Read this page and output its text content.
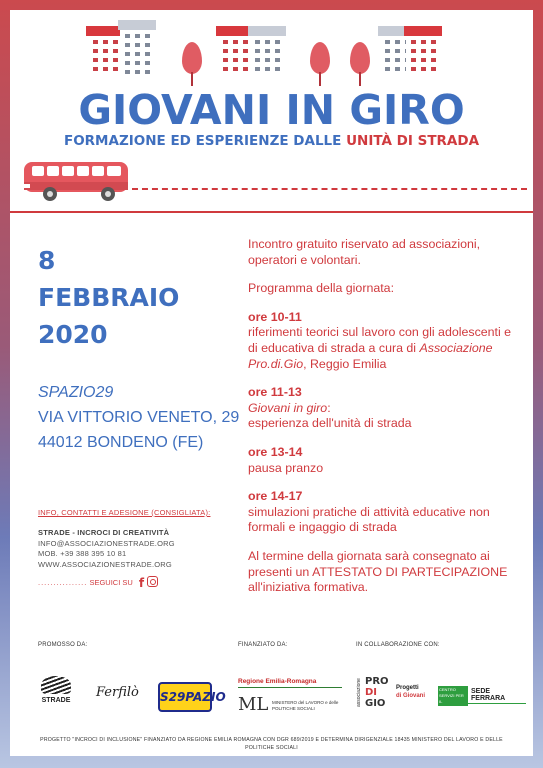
GIOVANI IN GIRO
FORMAZIONE ED ESPERIENZE DALLE UNITÀ DI STRADA
8
FEBBRAIO
2020
SPAZIO29
VIA VITTORIO VENETO, 29
44012 BONDENO (FE)
INFO, CONTATTI E ADESIONE (CONSIGLIATA):
STRADE - INCROCI DI CREATIVITÀ
INFO@ASSOCIAZIONESTRADE.ORG
MOB. +39 388 395 10 81
WWW.ASSOCIAZIONESTRADE.ORG
................ SEGUICI SU f

Incontro gratuito riservato ad associazioni, operatori e volontari.

Programma della giornata:

ore 10-11
riferimenti teorici sul lavoro con gli adolescenti e di educativa di strada a cura di Associazione Pro.di.Gio, Reggio Emilia

ore 11-13
Giovani in giro:
esperienza dell'unità di strada

ore 13-14
pausa pranzo

ore 14-17
simulazioni pratiche di attività educative non formali e ingaggio di strada

Al termine della giornata sarà consegnato ai presenti un ATTESTATO DI PARTECIPAZIONE all'iniziativa formativa.

PROMOSSO DA:	FINANZIATO DA:	IN COLLABORAZIONE CON:
STRADE
Ferfilò S29PAZIO
Regione Emilia-Romagna
ML MINISTERO del LAVORO e delle POLITICHE SOCIALI
associazione PRO
DI
GIO
Progetti
di Giovani
CENTRO SERVIZI PER IL VOLONTARIATO
SEDE FERRARA
PROGETTO "INCROCI DI INCLUSIONE" FINANZIATO DA REGIONE EMILIA ROMAGNA CON DGR 689/2019 E DETERMINA DIRIGENZIALE 18435 MINISTERO DEL LAVORO E DELLE POLITICHE SOCIALI
